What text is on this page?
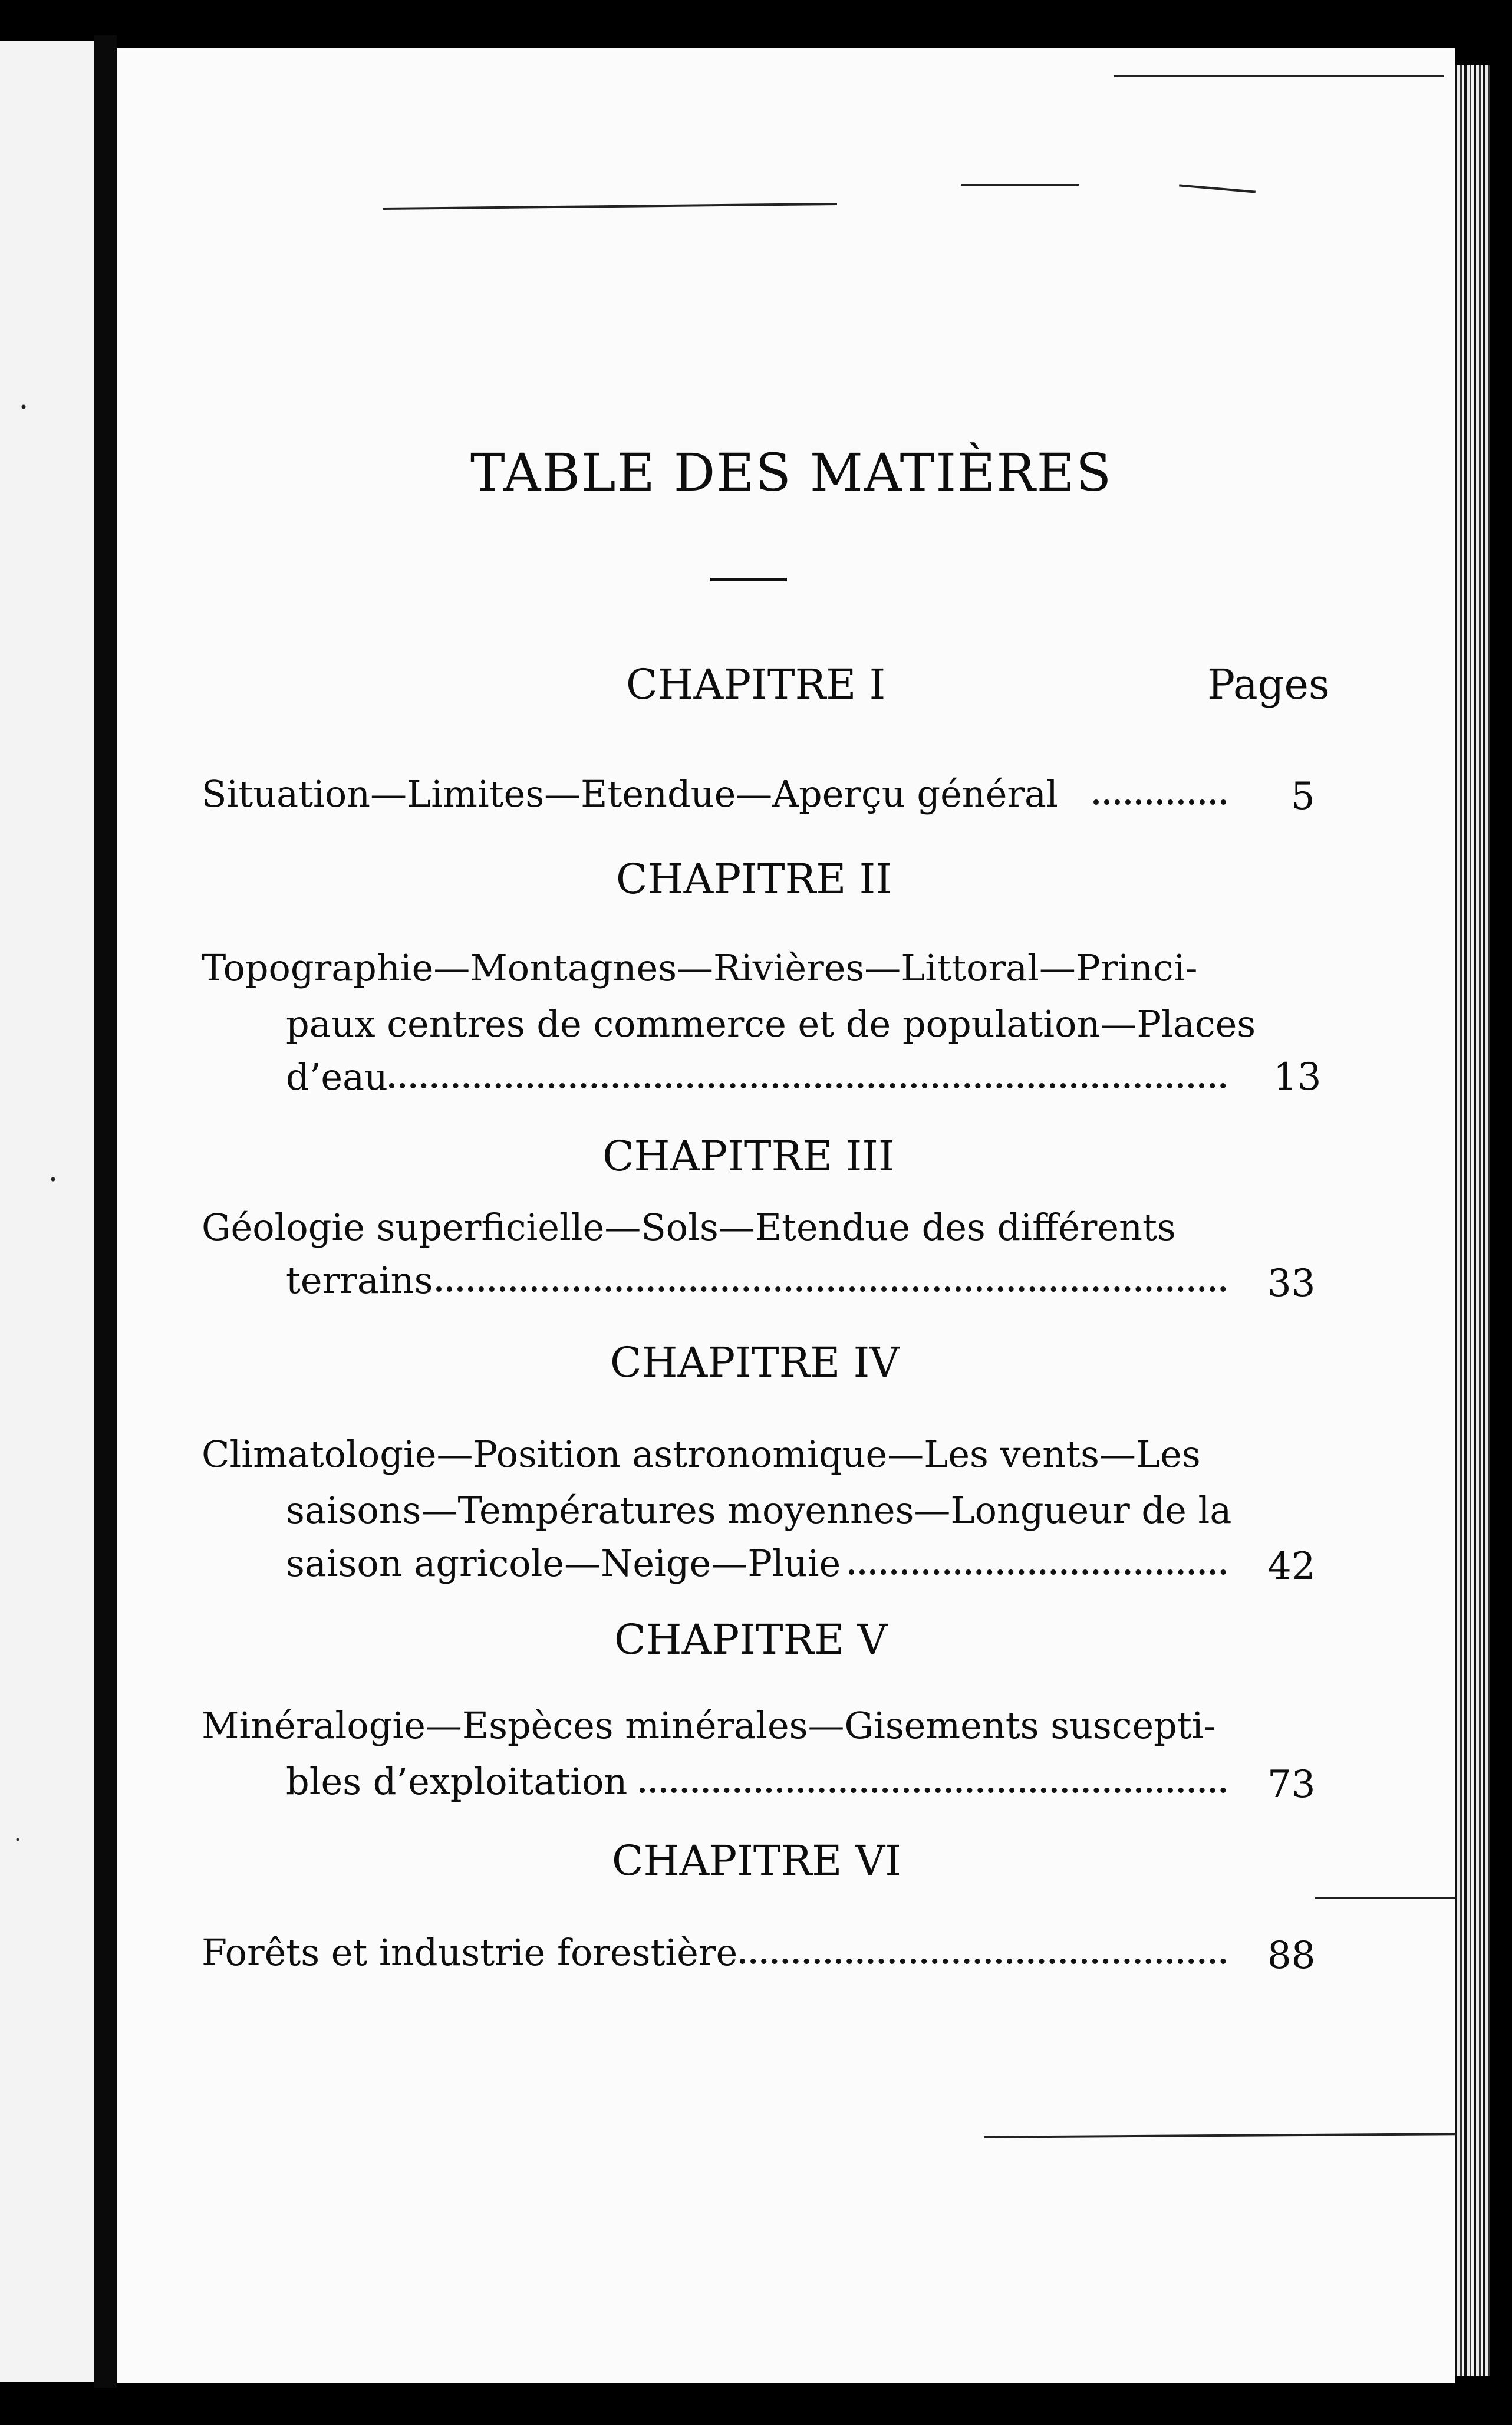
TABLE DES MATIÈRES
Pages
CHAPITRE I
Situation—Limites—Etendue—Aperçu général	5
CHAPITRE II
Topographie—Montagnes—Rivières—Littoral—Princi-
paux centres de commerce et de population—Places
d’eau	13
CHAPITRE III
Géologie superficielle—Sols—Etendue des différents
terrains	33
CHAPITRE IV
Climatologie—Position astronomique—Les vents—Les
saisons—Températures moyennes—Longueur de la
saison agricole—Neige—Pluie	42
CHAPITRE V
Minéralogie—Espèces minérales—Gisements suscepti-
bles d’exploitation	73
CHAPITRE VI
Forêts et industrie forestière	88
